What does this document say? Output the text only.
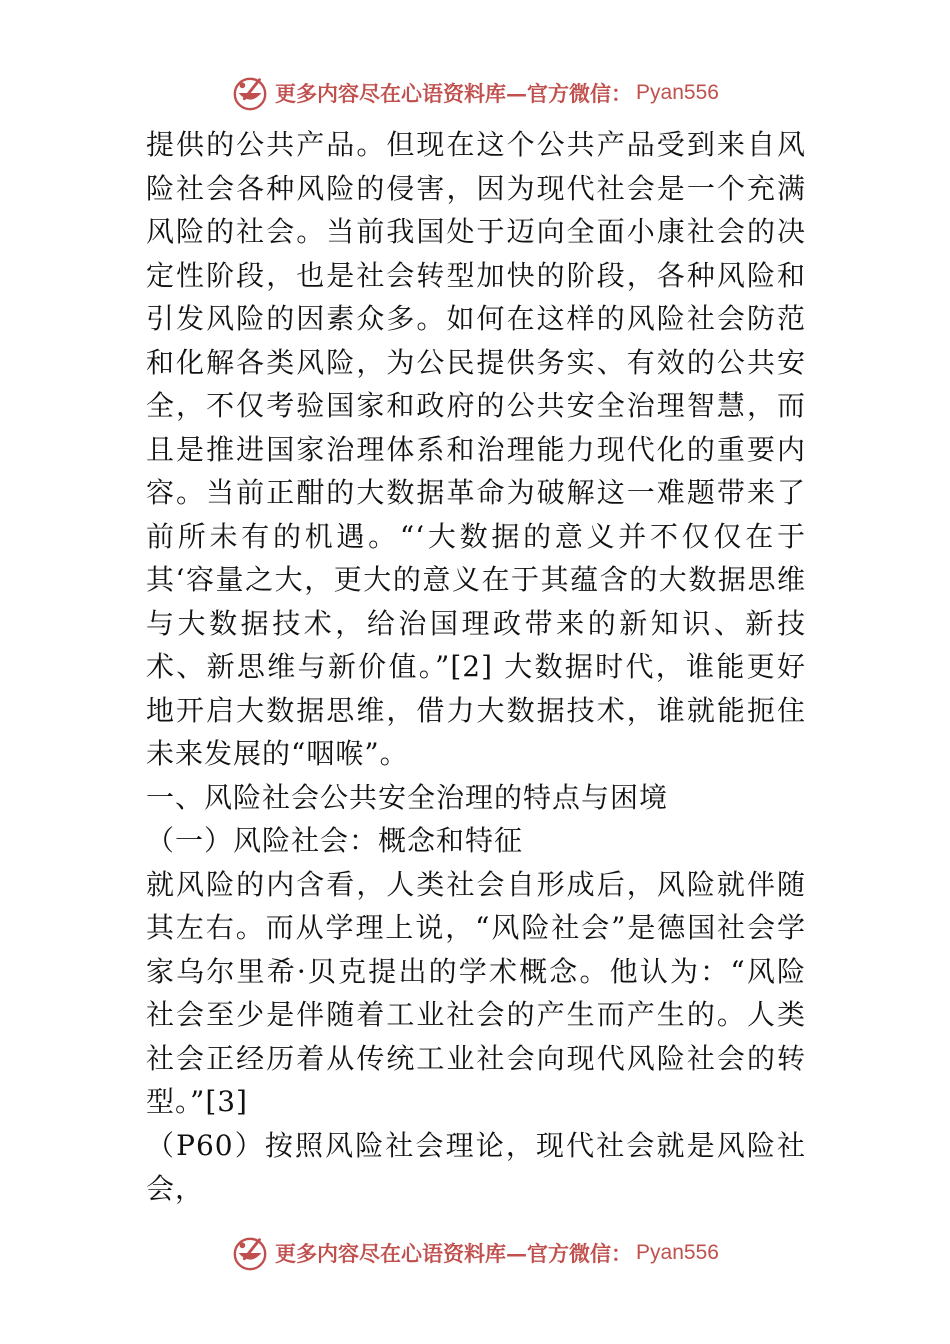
更多内容尽在心语资料库—官方微信： Pyan556

提供的公共产品。但现在这个公共产品受到来自风险社会各种风险的侵害，因为现代社会是一个充满风险的社会。当前我国处于迈向全面小康社会的决定性阶段，也是社会转型加快的阶段，各种风险和引发风险的因素众多。如何在这样的风险社会防范和化解各类风险，为公民提供务实、有效的公共安全，不仅考验国家和政府的公共安全治理智慧，而且是推进国家治理体系和治理能力现代化的重要内容。当前正酣的大数据革命为破解这一难题带来了前所未有的机遇。“‘大数据的意义并不仅仅在于其‘容量之大，更大的意义在于其蕴含的大数据思维与大数据技术，给治国理政带来的新知识、新技术、新思维与新价值。”[2] 大数据时代，谁能更好地开启大数据思维，借力大数据技术，谁就能扼住未来发展的“咽喉”。

一、风险社会公共安全治理的特点与困境

（一）风险社会：概念和特征

就风险的内含看，人类社会自形成后，风险就伴随其左右。而从学理上说，“风险社会”是德国社会学家乌尔里希·贝克提出的学术概念。他认为：“风险社会至少是伴随着工业社会的产生而产生的。人类社会正经历着从传统工业社会向现代风险社会的转型。”[3]

（P60）按照风险社会理论，现代社会就是风险社会，

更多内容尽在心语资料库—官方微信： Pyan556
